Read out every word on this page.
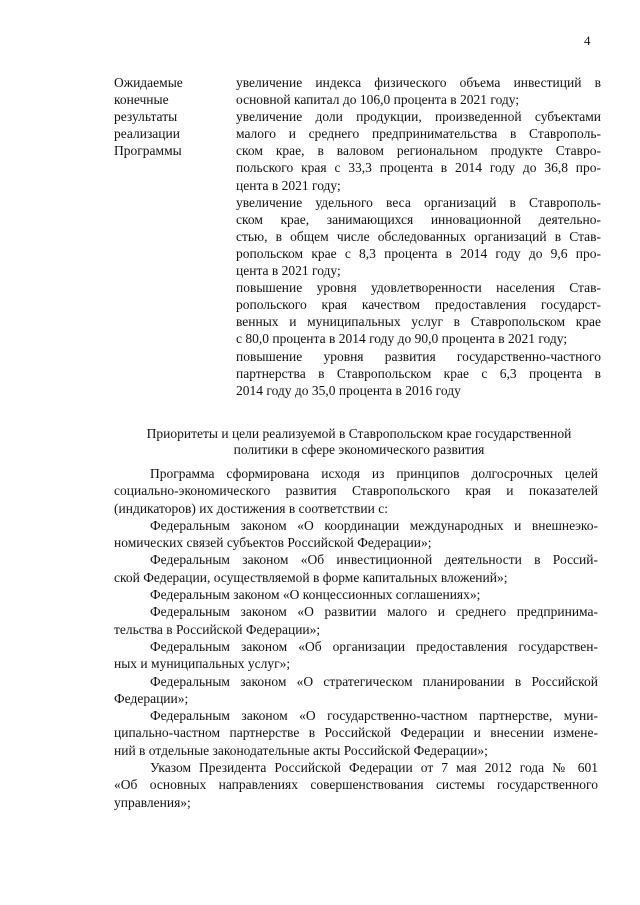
4
Ожидаемые
конечные
результаты
реализации
Программы

увеличение индекса физического объема инвестиций в
основной капитал до 106,0 процента в 2021 году;

увеличение доли продукции, произведенной субъектами
малого и среднего предпринимательства в Ставрополь-
ском крае, в валовом региональном продукте Ставро-
польского края с 33,3 процента в 2014 году до 36,8 про-
цента в 2021 году;

увеличение удельного веса организаций в Ставрополь-
ском крае, занимающихся инновационной деятельно-
стью, в общем числе обследованных организаций в Став-
ропольском крае с 8,3 процента в 2014 году до 9,6 про-
цента в 2021 году;

повышение уровня удовлетворенности населения Став-
ропольского края качеством предоставления государст-
венных и муниципальных услуг в Ставропольском крае
с 80,0 процента в 2014 году до 90,0 процента в 2021 году;

повышение уровня развития государственно-частного
партнерства в Ставропольском крае с 6,3 процента в
2014 году до 35,0 процента в 2016 году

Приоритеты и цели реализуемой в Ставропольском крае государственной
политики в сфере экономического развития

Программа сформирована исходя из принципов долгосрочных целей
социально-экономического развития Ставропольского края и показателей
(индикаторов) их достижения в соответствии с:

Федеральным законом «О координации международных и внешнеэко-
номических связей субъектов Российской Федерации»;

Федеральным законом «Об инвестиционной деятельности в Россий-
ской Федерации, осуществляемой в форме капитальных вложений»;

Федеральным законом «О концессионных соглашениях»;

Федеральным законом «О развитии малого и среднего предпринима-
тельства в Российской Федерации»;

Федеральным законом «Об организации предоставления государствен-
ных и муниципальных услуг»;

Федеральным законом «О стратегическом планировании в Российской
Федерации»;

Федеральным законом «О государственно-частном партнерстве, муни-
ципально-частном партнерстве в Российской Федерации и внесении измене-
ний в отдельные законодательные акты Российской Федерации»;

Указом Президента Российской Федерации от 7 мая 2012 года № 601
«Об основных направлениях совершенствования системы государственного
управления»;
